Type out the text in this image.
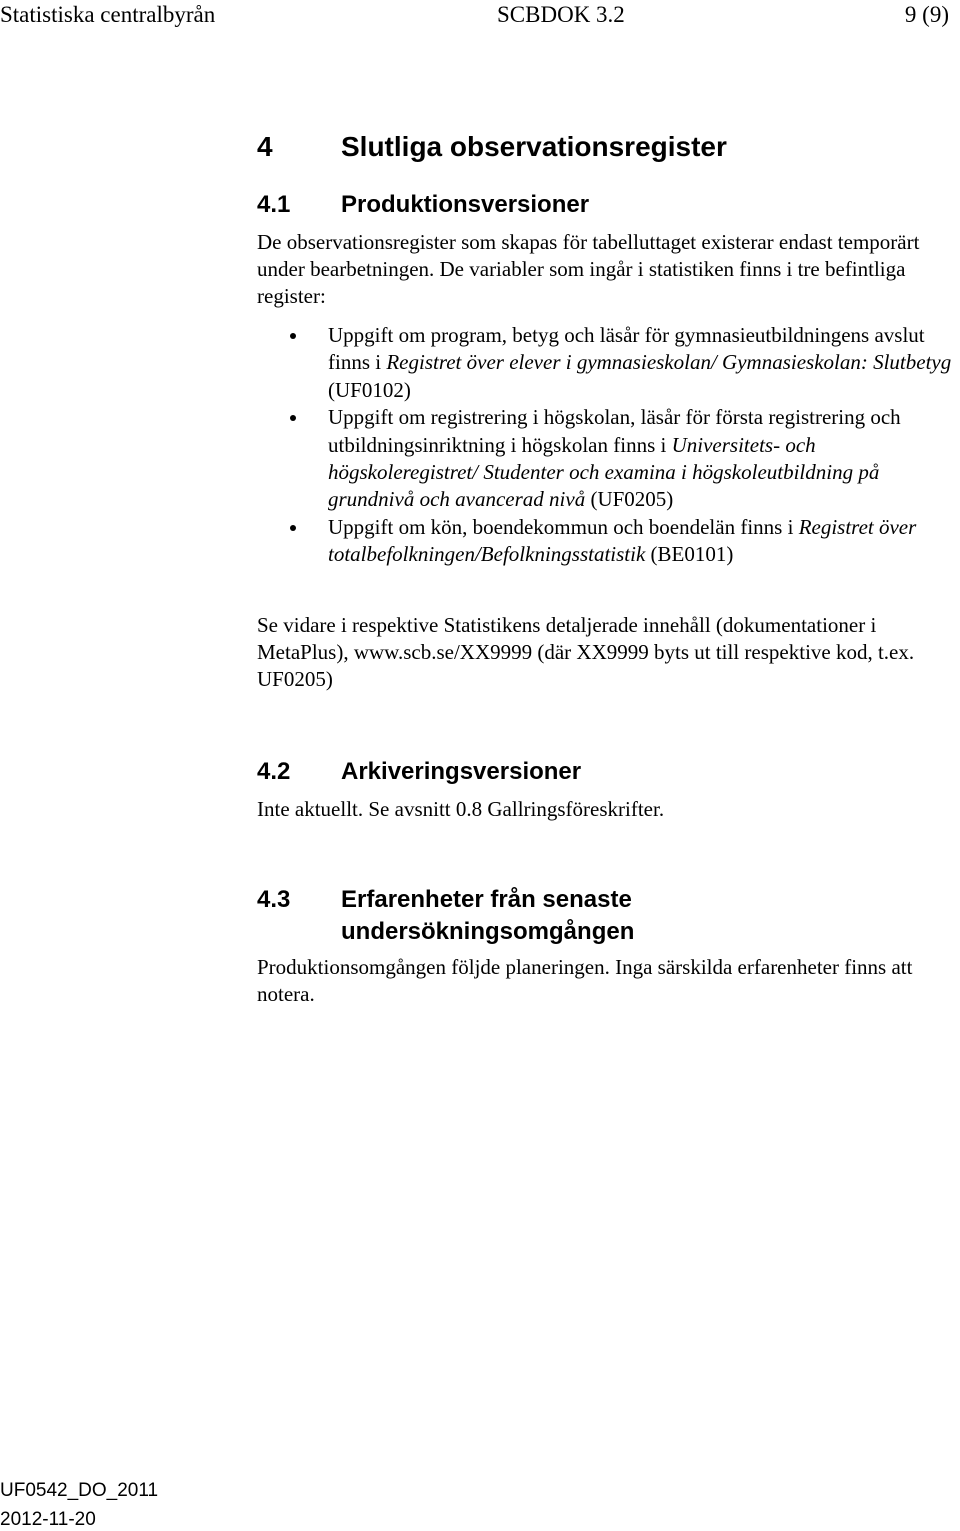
Statistiska centralbyrån	SCBDOK 3.2	9 (9)
4 Slutliga observationsregister
4.1 Produktionsversioner

De observationsregister som skapas för tabelluttaget existerar endast temporärt under bearbetningen. De variabler som ingår i statistiken finns i tre befintliga register:

Uppgift om program, betyg och läsår för gymnasieutbildningens avslut finns i Registret över elever i gymnasieskolan/ Gymnasieskolan: Slutbetyg (UF0102)
Uppgift om registrering i högskolan, läsår för första registrering och utbildningsinriktning i högskolan finns i Universitets- och högskoleregistret/ Studenter och examina i högskoleutbildning på grundnivå och avancerad nivå (UF0205)
Uppgift om kön, boendekommun och boendelän finns i Registret över totalbefolkningen/Befolkningsstatistik (BE0101)

Se vidare i respektive Statistikens detaljerade innehåll (dokumentationer i MetaPlus), www.scb.se/XX9999 (där XX9999 byts ut till respektive kod, t.ex. UF0205)

4.2 Arkiveringsversioner

Inte aktuellt. Se avsnitt 0.8 Gallringsföreskrifter.

4.3 Erfarenheter från senaste undersökningsomgången

Produktionsomgången följde planeringen. Inga särskilda erfarenheter finns att notera.

UF0542_DO_2011
2012-11-20
